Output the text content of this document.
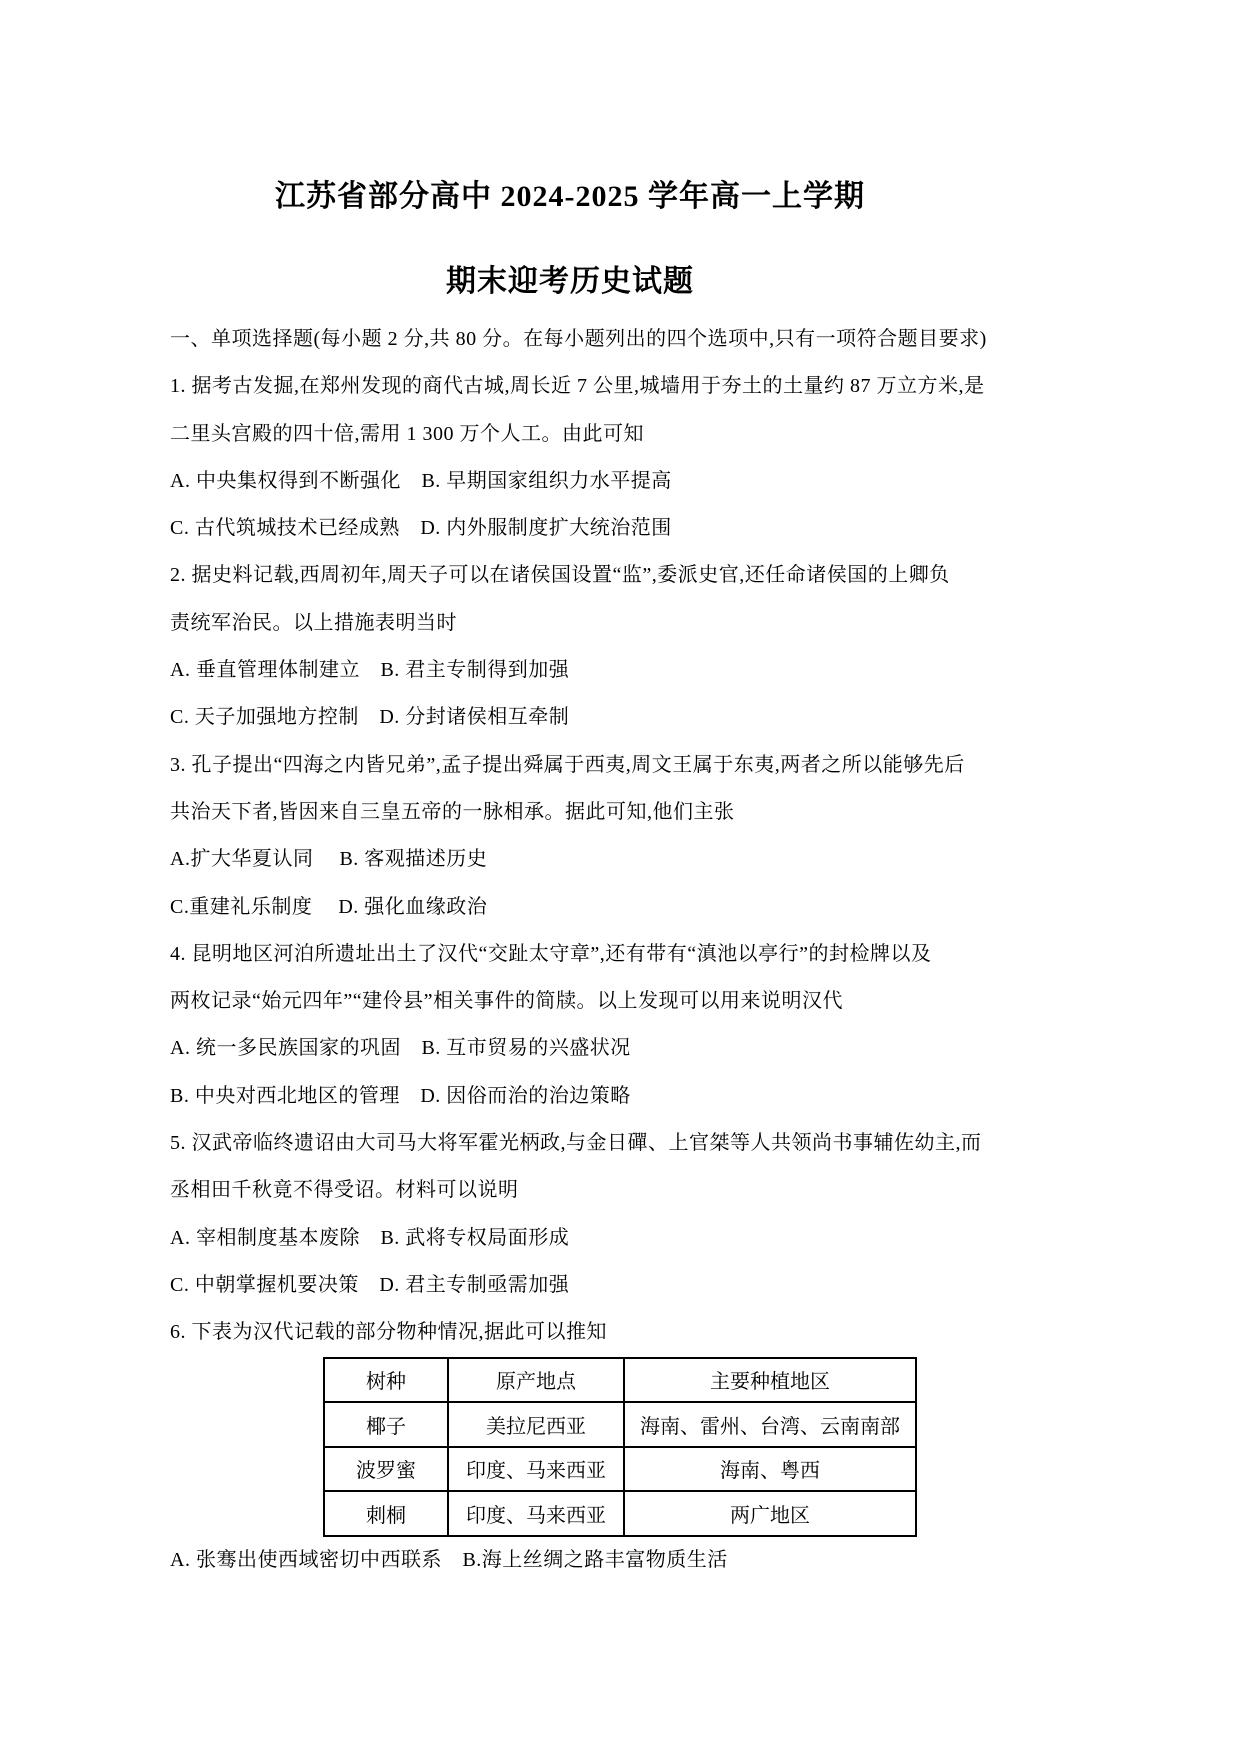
江苏省部分高中 2024-2025 学年高一上学期
期末迎考历史试题
一、单项选择题(每小题 2 分,共 80 分。在每小题列出的四个选项中,只有一项符合题目要求)
1. 据考古发掘,在郑州发现的商代古城,周长近 7 公里,城墙用于夯土的土量约 87 万立方米,是
二里头宫殿的四十倍,需用 1 300 万个人工。由此可知
A. 中央集权得到不断强化　B. 早期国家组织力水平提高
C. 古代筑城技术已经成熟　D. 内外服制度扩大统治范围
2. 据史料记载,西周初年,周天子可以在诸侯国设置“监”,委派史官,还任命诸侯国的上卿负
责统军治民。以上措施表明当时
A. 垂直管理体制建立　B. 君主专制得到加强
C. 天子加强地方控制　D. 分封诸侯相互牵制
3. 孔子提出“四海之内皆兄弟”,孟子提出舜属于西夷,周文王属于东夷,两者之所以能够先后
共治天下者,皆因来自三皇五帝的一脉相承。据此可知,他们主张
A.扩大华夏认同　 B. 客观描述历史
C.重建礼乐制度　 D. 强化血缘政治
4. 昆明地区河泊所遗址出土了汉代“交趾太守章”,还有带有“滇池以亭行”的封检牌以及
两枚记录“始元四年”“建伶县”相关事件的简牍。以上发现可以用来说明汉代
A. 统一多民族国家的巩固　B. 互市贸易的兴盛状况
B. 中央对西北地区的管理　D. 因俗而治的治边策略
5. 汉武帝临终遗诏由大司马大将军霍光柄政,与金日磾、上官桀等人共领尚书事辅佐幼主,而
丞相田千秋竟不得受诏。材料可以说明
A. 宰相制度基本废除　B. 武将专权局面形成
C. 中朝掌握机要决策　D. 君主专制亟需加强
6. 下表为汉代记载的部分物种情况,据此可以推知
树种	原产地点	主要种植地区
椰子	美拉尼西亚	海南、雷州、台湾、云南南部
波罗蜜	印度、马来西亚	海南、粤西
刺桐	印度、马来西亚	两广地区
A. 张骞出使西域密切中西联系　B.海上丝绸之路丰富物质生活
